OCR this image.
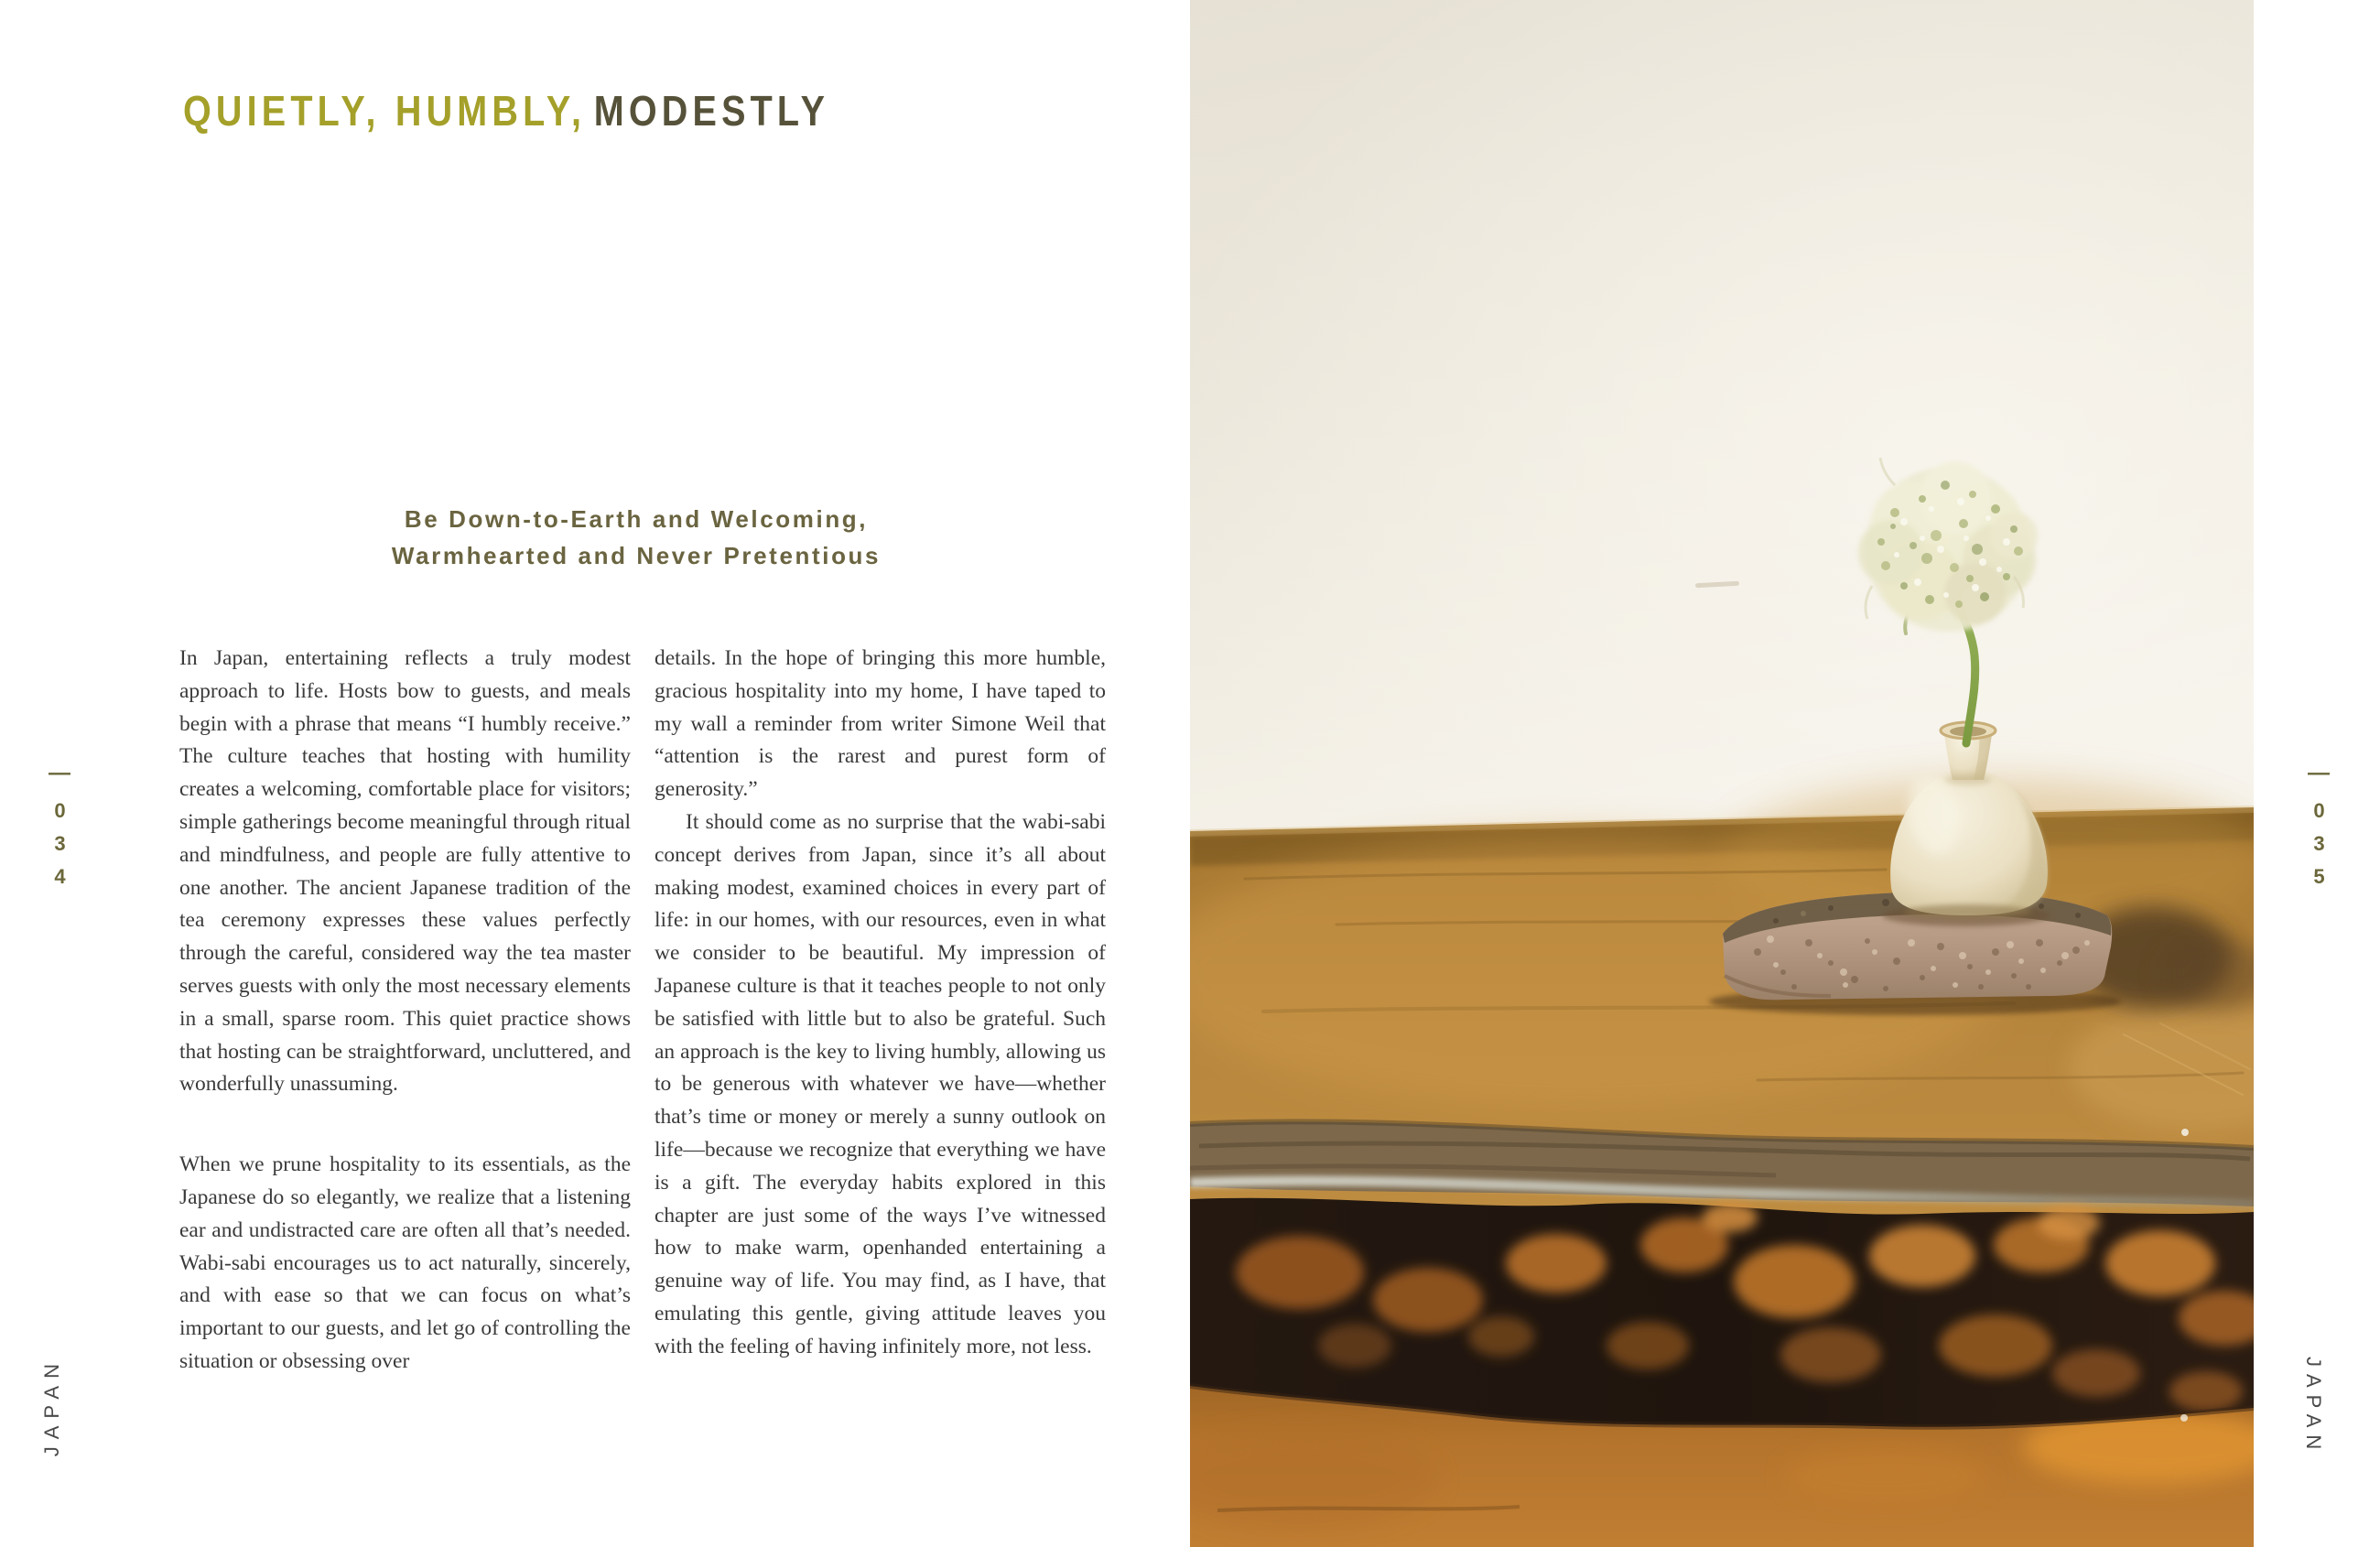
QUIETLY, HUMBLY, MODESTLY

Be Down-to-Earth and Welcoming,
Warmhearted and Never Pretentious

In Japan, entertaining reflects a truly modest approach to life. Hosts bow to guests, and meals begin with a phrase that means “I humbly receive.” The culture teaches that hosting with humility creates a welcoming, comfortable place for visitors; simple gatherings become meaningful through ritual and mindfulness, and people are fully attentive to one another. The ancient Japanese tradition of the tea ceremony expresses these values perfectly through the careful, considered way the tea master serves guests with only the most necessary elements in a small, sparse room. This quiet practice shows that hosting can be straightforward, uncluttered, and wonderfully unassuming.

When we prune hospitality to its essentials, as the Japanese do so elegantly, we realize that a listening ear and undistracted care are often all that’s needed. Wabi-sabi encourages us to act naturally, sincerely, and with ease so that we can focus on what’s important to our guests, and let go of controlling the situation or obsessing over

details. In the hope of bringing this more humble, gracious hospitality into my home, I have taped to my wall a reminder from writer Simone Weil that “attention is the rarest and purest form of generosity.”

It should come as no surprise that the wabi-sabi concept derives from Japan, since it’s all about making modest, examined choices in every part of life: in our homes, with our resources, even in what we consider to be beautiful. My impression of Japanese culture is that it teaches people to not only be satisfied with little but to also be grateful. Such an approach is the key to living humbly, allowing us to be generous with whatever we have—whether that’s time or money or merely a sunny outlook on life—because we recognize that everything we have is a gift. The everyday habits explored in this chapter are just some of the ways I’ve witnessed how to make warm, openhanded entertaining a genuine way of life. You may find, as I have, that emulating this gentle, giving attitude leaves you with the feeling of having infinitely more, not less.

—
034
JAPAN
—
035
JAPAN
